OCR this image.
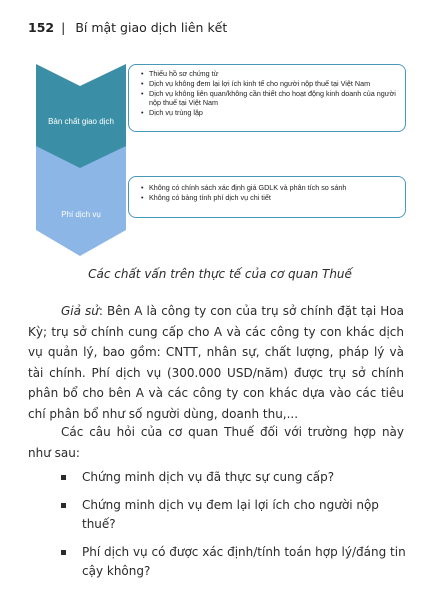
152 | Bí mật giao dịch liên kết
Bản chất giao dịch
• Thiếu hồ sơ chứng từ
• Dịch vụ không đem lại lợi ích kinh tế cho người nộp thuế tại Việt Nam
• Dịch vụ không liên quan/không cần thiết cho hoạt động kinh doanh của người nộp thuế tại Việt Nam
• Dịch vụ trùng lặp
Phí dịch vụ
• Không có chính sách xác định giá GDLK và phân tích so sánh
• Không có bảng tính phí dịch vụ chi tiết
Các chất vấn trên thực tế của cơ quan Thuế

Giả sử: Bên A là công ty con của trụ sở chính đặt tại Hoa Kỳ; trụ sở chính cung cấp cho A và các công ty con khác dịch vụ quản lý, bao gồm: CNTT, nhân sự, chất lượng, pháp lý và tài chính. Phí dịch vụ (300.000 USD/năm) được trụ sở chính phân bổ cho bên A và các công ty con khác dựa vào các tiêu chí phân bổ như số người dùng, doanh thu,...

Các câu hỏi của cơ quan Thuế đối với trường hợp này như sau:

Chứng minh dịch vụ đã thực sự cung cấp?
Chứng minh dịch vụ đem lại lợi ích cho người nộp thuế?
Phí dịch vụ có được xác định/tính toán hợp lý/đáng tin cậy không?
